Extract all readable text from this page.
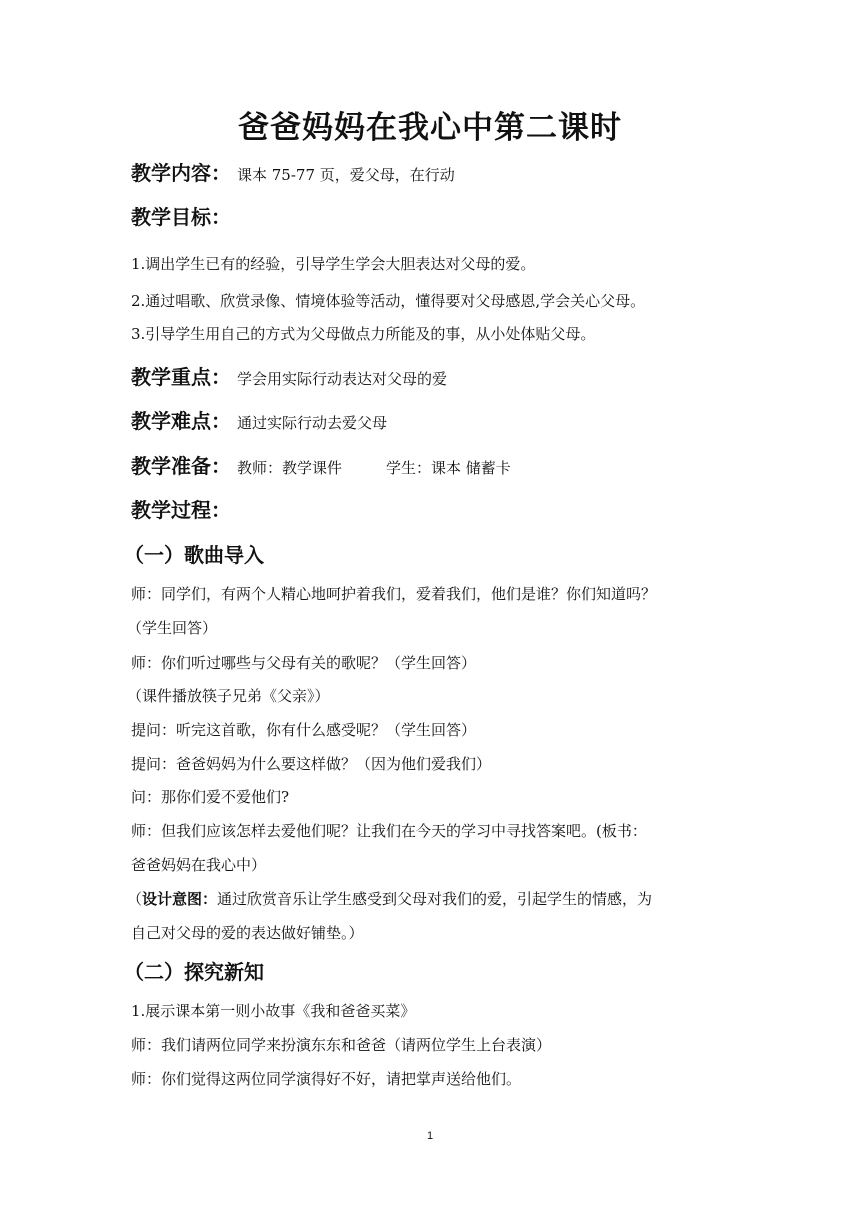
爸爸妈妈在我心中第二课时
教学内容： 课本 75-77 页，爱父母，在行动
教学目标：
1.调出学生已有的经验，引导学生学会大胆表达对父母的爱。
2.通过唱歌、欣赏录像、情境体验等活动，懂得要对父母感恩,学会关心父母。
3.引导学生用自己的方式为父母做点力所能及的事，从小处体贴父母。
教学重点： 学会用实际行动表达对父母的爱
教学难点： 通过实际行动去爱父母
教学准备： 教师：教学课件	学生：课本 储蓄卡
教学过程：
（一）歌曲导入
师：同学们，有两个人精心地呵护着我们，爱着我们，他们是谁？你们知道吗？
（学生回答）
师：你们听过哪些与父母有关的歌呢？（学生回答）
（课件播放筷子兄弟《父亲》）
提问：听完这首歌，你有什么感受呢？（学生回答）
提问：爸爸妈妈为什么要这样做？（因为他们爱我们）
问：那你们爱不爱他们?
师：但我们应该怎样去爱他们呢？让我们在今天的学习中寻找答案吧。(板书：
爸爸妈妈在我心中）
（设计意图：通过欣赏音乐让学生感受到父母对我们的爱，引起学生的情感，为
自己对父母的爱的表达做好铺垫。）
（二）探究新知
1.展示课本第一则小故事《我和爸爸买菜》
师：我们请两位同学来扮演东东和爸爸（请两位学生上台表演）
师：你们觉得这两位同学演得好不好，请把掌声送给他们。
1
